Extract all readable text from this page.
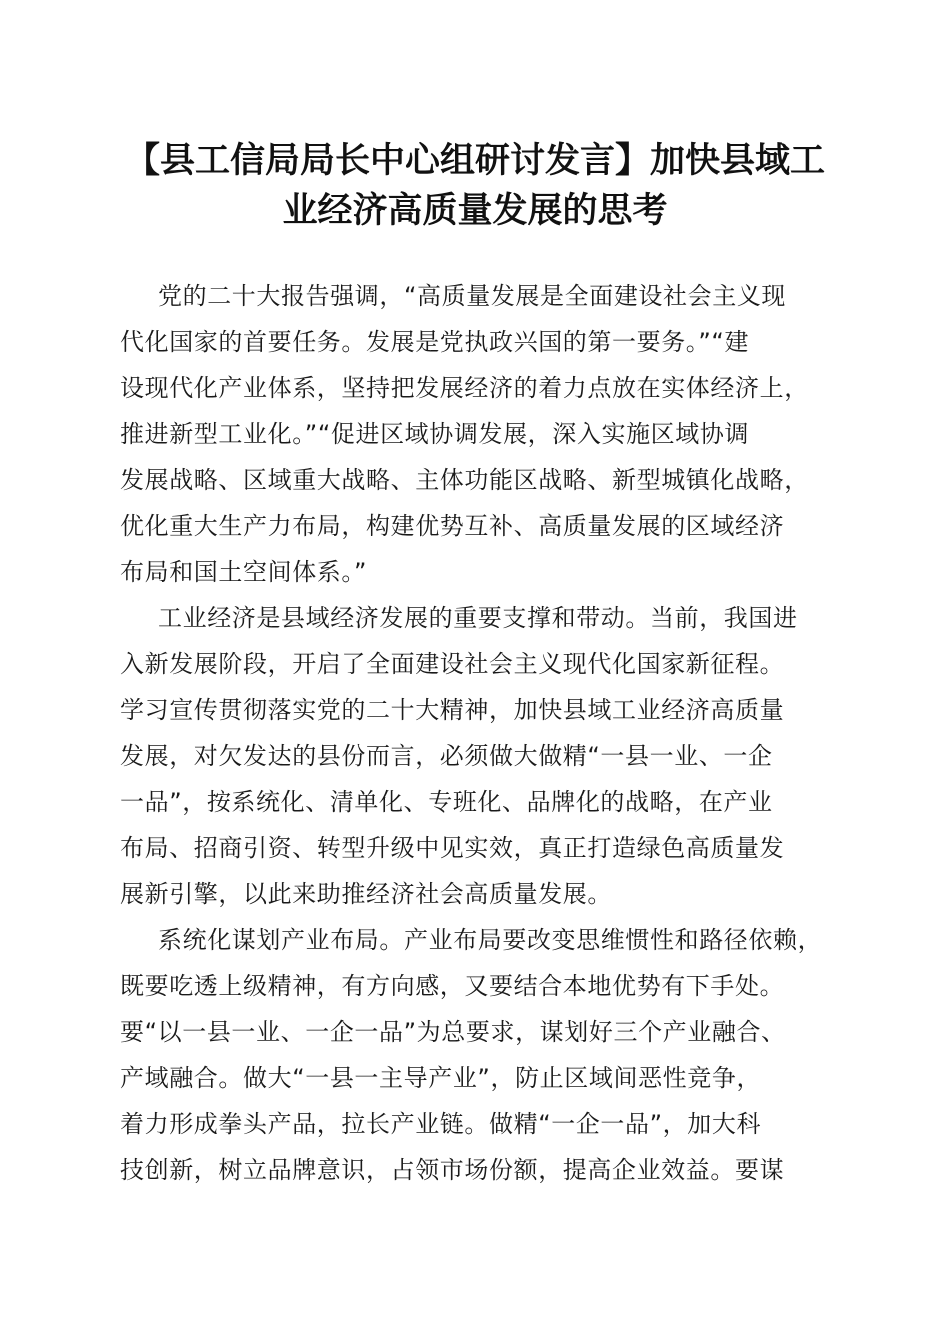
【县工信局局长中心组研讨发言】加快县域工
业经济高质量发展的思考
党的二十大报告强调，“高质量发展是全面建设社会主义现
代化国家的首要任务。发展是党执政兴国的第一要务。”“建
设现代化产业体系，坚持把发展经济的着力点放在实体经济上，
推进新型工业化。”“促进区域协调发展，深入实施区域协调
发展战略、区域重大战略、主体功能区战略、新型城镇化战略，
优化重大生产力布局，构建优势互补、高质量发展的区域经济
布局和国土空间体系。”
工业经济是县域经济发展的重要支撑和带动。当前，我国进
入新发展阶段，开启了全面建设社会主义现代化国家新征程。
学习宣传贯彻落实党的二十大精神，加快县域工业经济高质量
发展，对欠发达的县份而言，必须做大做精“一县一业、一企
一品”，按系统化、清单化、专班化、品牌化的战略，在产业
布局、招商引资、转型升级中见实效，真正打造绿色高质量发
展新引擎，以此来助推经济社会高质量发展。
系统化谋划产业布局。产业布局要改变思维惯性和路径依赖，
既要吃透上级精神，有方向感，又要结合本地优势有下手处。
要“以一县一业、一企一品”为总要求，谋划好三个产业融合、
产域融合。做大“一县一主导产业”，防止区域间恶性竞争，
着力形成拳头产品，拉长产业链。做精“一企一品”，加大科
技创新，树立品牌意识，占领市场份额，提高企业效益。要谋
